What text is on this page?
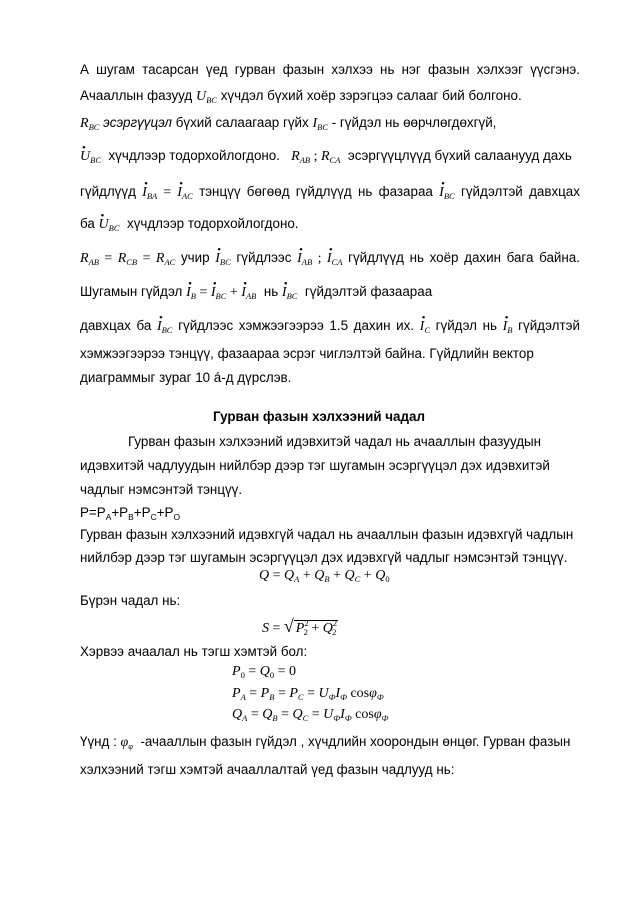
А шугам тасарсан үед гурван фазын хэлхээ нь нэг фазын хэлхээг үүсгэнэ.
Ачааллын фазууд $U_{BC}$ хүчдэл бүхий хоёр зэрэгцээ салааг бий болгоно.
$R_{BC}$ эсэргүүцэл бүхий салаагаар гүйх $I_{BC}$ - гүйдэл нь өөрчлөгдөхгүй,
• $U_{BC}$ хүчдлээр тодорхойлогдоно. $R_{AB}$ ; $R_{CA}$ эсэргүүцлүүд бүхий салаанууд дахь
гүйдлүүд • $I_{BA}$ = • $I_{AC}$ тэнцүү бөгөөд гүйдлүүд нь фазараа • $I_{BC}$ гүйдэлтэй давхцах
ба • $U_{BC}$ хүчдлээр тодорхойлогдоно.
$R_{AB} = R_{CB} = R_{AC}$ учир • $I_{BC}$ гүйдлээс • $I_{AB}$ ; • $I_{CA}$ гүйдлүүд нь хоёр дахин бага байна.
Шугамын гүйдэл • $I_B$ = • $I_{BC}$ + • $I_{AB}$ нь • $I_{BC}$ гүйдэлтэй фазаараа
давхцах ба • $I_{BC}$ гүйдлээс хэмжээгээрээ 1.5 дахин их. • $I_C$ гүйдэл нь • $I_B$ гүйдэлтэй
хэмжээгээрээ тэнцүү, фазаараа эсрэг чиглэлтэй байна. Гүйдлийн вектор
диаграммыг зураг 10 á-д дүрслэв.
Гурван фазын хэлхээний чадал
Гурван фазын хэлхээний идэвхитэй чадал нь ачааллын фазуудын
идэвхитэй чадлуудын нийлбэр дээр тэг шугамын эсэргүүцэл дэх идэвхитэй
чадлыг нэмсэнтэй тэнцүү.
$P=P_A+P_B+P_C+P_O$
Гурван фазын хэлхээний идэвхгүй чадал нь ачааллын фазын идэвхгүй чадлын
нийлбэр дээр тэг шугамын эсэргүүцэл дэх идэвхгүй чадлыг нэмсэнтэй тэнцүү.
$Q = Q_A + Q_B + Q_C + Q_0$
Бүрэн чадал нь:
S = √ $P^2_2 + Q^2_2$
Хэрвээ ачаалал нь тэгш хэмтэй бол:
$P_0 = Q_0 = 0$
$P_A = P_B = P_C = U_ФI_Ф$ cosφ$_Ф$
$Q_A = Q_B = Q_C = U_ФI_Ф$ cosφ$_Ф$
Үүнд : $\varphi_\varphi$ -ачааллын фазын гүйдэл , хүчдлийн хоорондын өнцөг. Гурван фазын
хэлхээний тэгш хэмтэй ачааллалтай үед фазын чадлууд нь:
